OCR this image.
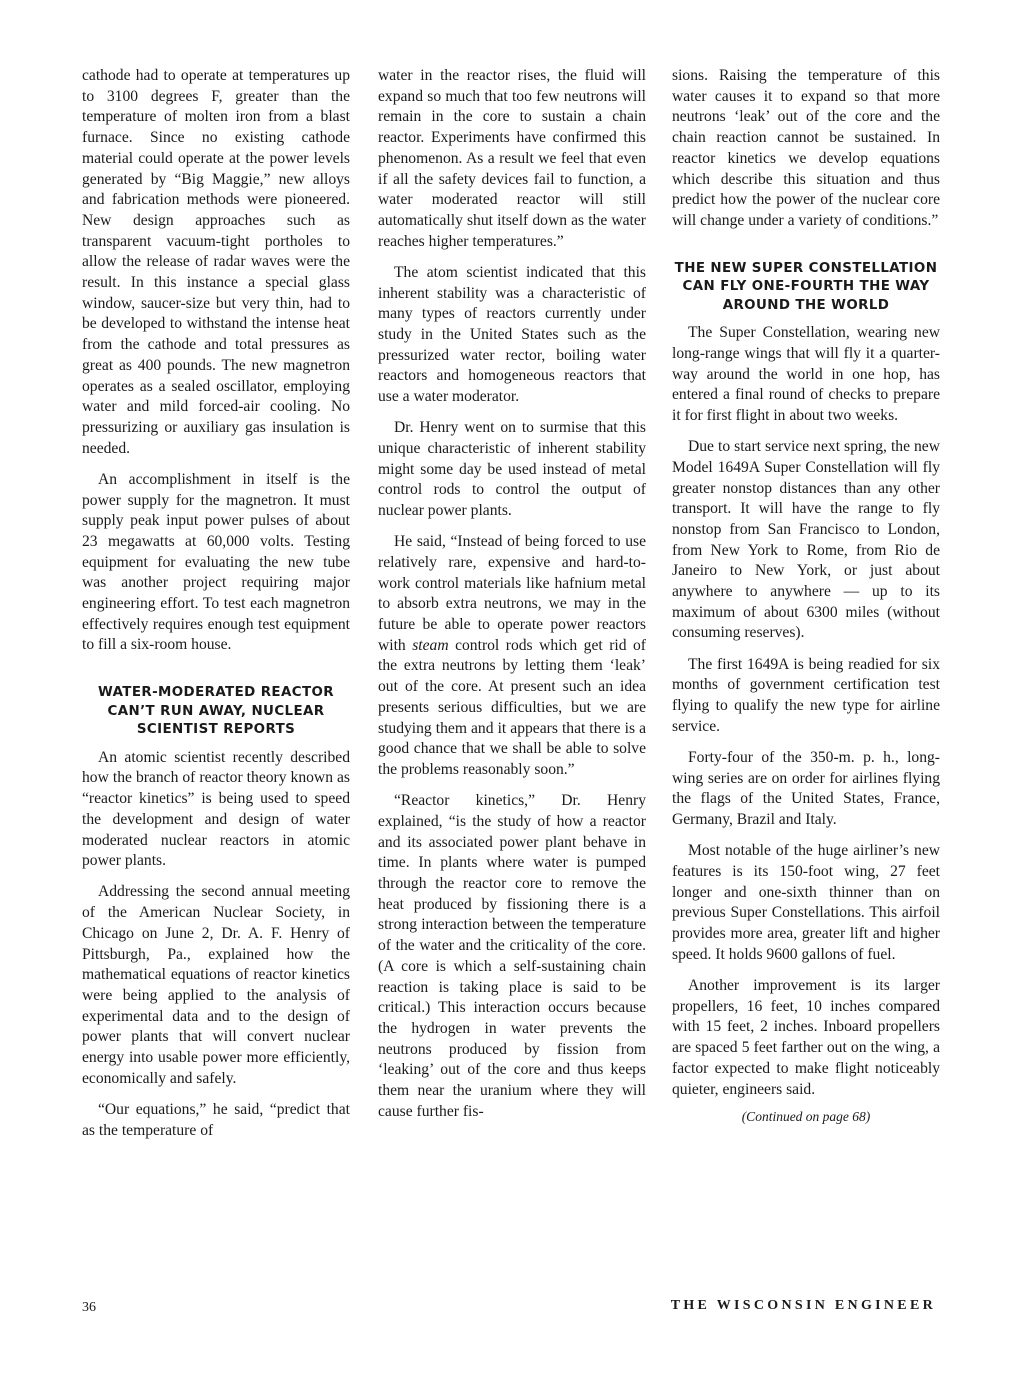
cathode had to operate at temperatures up to 3100 degrees F, greater than the temperature of molten iron from a blast furnace. Since no existing cathode material could operate at the power levels generated by “Big Maggie,” new alloys and fabrication methods were pioneered. New design approaches such as transparent vacuum-tight portholes to allow the release of radar waves were the result. In this instance a special glass window, saucer-size but very thin, had to be developed to withstand the intense heat from the cathode and total pressures as great as 400 pounds. The new magnetron operates as a sealed oscillator, employing water and mild forced-air cooling. No pressurizing or auxiliary gas insulation is needed.

An accomplishment in itself is the power supply for the magnetron. It must supply peak input power pulses of about 23 megawatts at 60,000 volts. Testing equipment for evaluating the new tube was another project requiring major engineering effort. To test each magnetron effectively requires enough test equipment to fill a six-room house.

WATER-MODERATED REACTOR CAN’T RUN AWAY, NUCLEAR SCIENTIST REPORTS

An atomic scientist recently described how the branch of reactor theory known as “reactor kinetics” is being used to speed the development and design of water moderated nuclear reactors in atomic power plants.

Addressing the second annual meeting of the American Nuclear Society, in Chicago on June 2, Dr. A. F. Henry of Pittsburgh, Pa., explained how the mathematical equations of reactor kinetics were being applied to the analysis of experimental data and to the design of power plants that will convert nuclear energy into usable power more efficiently, economically and safely.

“Our equations,” he said, “predict that as the temperature of

water in the reactor rises, the fluid will expand so much that too few neutrons will remain in the core to sustain a chain reactor. Experiments have confirmed this phenomenon. As a result we feel that even if all the safety devices fail to function, a water moderated reactor will still automatically shut itself down as the water reaches higher temperatures.”

The atom scientist indicated that this inherent stability was a characteristic of many types of reactors currently under study in the United States such as the pressurized water rector, boiling water reactors and homogeneous reactors that use a water moderator.

Dr. Henry went on to surmise that this unique characteristic of inherent stability might some day be used instead of metal control rods to control the output of nuclear power plants.

He said, “Instead of being forced to use relatively rare, expensive and hard-to-work control materials like hafnium metal to absorb extra neutrons, we may in the future be able to operate power reactors with steam control rods which get rid of the extra neutrons by letting them ‘leak’ out of the core. At present such an idea presents serious difficulties, but we are studying them and it appears that there is a good chance that we shall be able to solve the problems reasonably soon.”

“Reactor kinetics,” Dr. Henry explained, “is the study of how a reactor and its associated power plant behave in time. In plants where water is pumped through the reactor core to remove the heat produced by fissioning there is a strong interaction between the temperature of the water and the criticality of the core. (A core is which a self-sustaining chain reaction is taking place is said to be critical.) This interaction occurs because the hydrogen in water prevents the neutrons produced by fission from ‘leaking’ out of the core and thus keeps them near the uranium where they will cause further fis-

sions. Raising the temperature of this water causes it to expand so that more neutrons ‘leak’ out of the core and the chain reaction cannot be sustained. In reactor kinetics we develop equations which describe this situation and thus predict how the power of the nuclear core will change under a variety of conditions.”

THE NEW SUPER CONSTELLATION CAN FLY ONE-FOURTH THE WAY AROUND THE WORLD

The Super Constellation, wearing new long-range wings that will fly it a quarter-way around the world in one hop, has entered a final round of checks to prepare it for first flight in about two weeks.

Due to start service next spring, the new Model 1649A Super Constellation will fly greater nonstop distances than any other transport. It will have the range to fly nonstop from San Francisco to London, from New York to Rome, from Rio de Janeiro to New York, or just about anywhere to anywhere — up to its maximum of about 6300 miles (without consuming reserves).

The first 1649A is being readied for six months of government certification test flying to qualify the new type for airline service.

Forty-four of the 350-m. p. h., long-wing series are on order for airlines flying the flags of the United States, France, Germany, Brazil and Italy.

Most notable of the huge airliner’s new features is its 150-foot wing, 27 feet longer and one-sixth thinner than on previous Super Constellations. This airfoil provides more area, greater lift and higher speed. It holds 9600 gallons of fuel.

Another improvement is its larger propellers, 16 feet, 10 inches compared with 15 feet, 2 inches. Inboard propellers are spaced 5 feet farther out on the wing, a factor expected to make flight noticeably quieter, engineers said.

(Continued on page 68)
36	THE WISCONSIN ENGINEER
